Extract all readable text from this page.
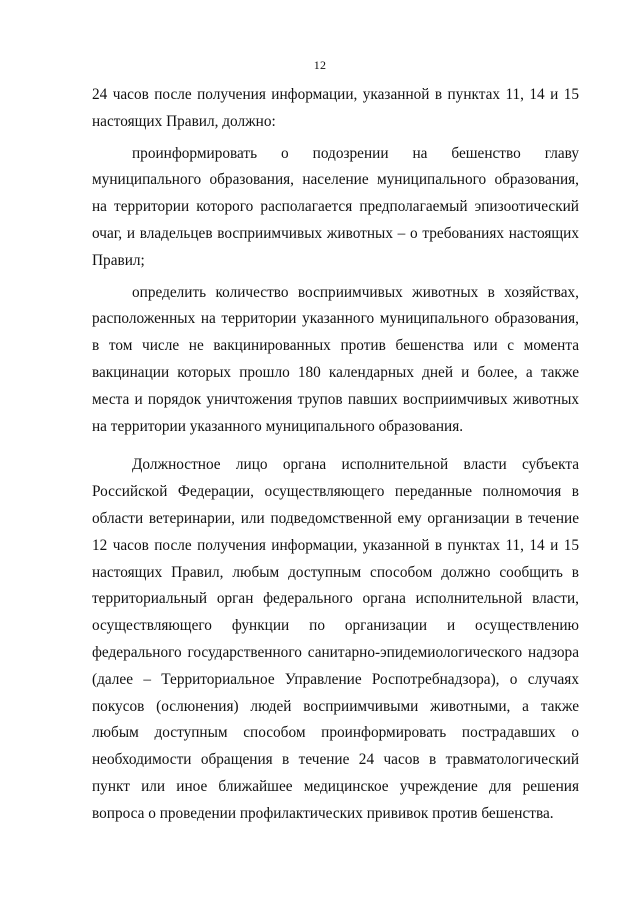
12

24 часов после получения информации, указанной в пунктах 11, 14 и 15 настоящих Правил, должно:

проинформировать о подозрении на бешенство главу муниципального образования, население муниципального образования, на территории которого располагается предполагаемый эпизоотический очаг, и владельцев восприимчивых животных – о требованиях настоящих Правил;

определить количество восприимчивых животных в хозяйствах, расположенных на территории указанного муниципального образования, в том числе не вакцинированных против бешенства или с момента вакцинации которых прошло 180 календарных дней и более, а также места и порядок уничтожения трупов павших восприимчивых животных на территории указанного муниципального образования.

Должностное лицо органа исполнительной власти субъекта Российской Федерации, осуществляющего переданные полномочия в области ветеринарии, или подведомственной ему организации в течение 12 часов после получения информации, указанной в пунктах 11, 14 и 15 настоящих Правил, любым доступным способом должно сообщить в территориальный орган федерального органа исполнительной власти, осуществляющего функции по организации и осуществлению федерального государственного санитарно-эпидемиологического надзора (далее – Территориальное Управление Роспотребнадзора), о случаях покусов (ослюнения) людей восприимчивыми животными, а также любым доступным способом проинформировать пострадавших о необходимости обращения в течение 24 часов в травматологический пункт или иное ближайшее медицинское учреждение для решения вопроса о проведении профилактических прививок против бешенства.
